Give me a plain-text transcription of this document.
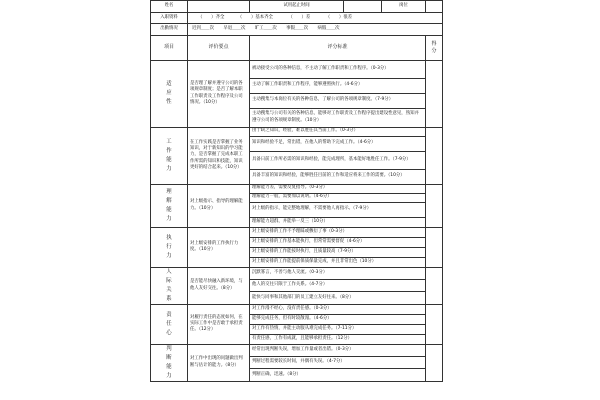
姓名		试用起止时间		岗位	
入职资料	（　　）齐全 （　　）基本齐全 （　　）差 （　　）很差				
出勤情况	迟到＿＿次 早退＿＿次 旷工＿＿次 事假＿＿次 病假＿＿次				
项目	评价要点	评分标准			得分
适
应
性	是否理了解并遵守公司的各项规章制度；是否了解本职工作职责及工作程序及公司情况。（10分）	被动接受公司的各种信息，不主动了解工作职责和工作程序。（0-3分）			
		主动了解工作职责和工作程序，能够遵照执行。（4-6分）			
		主动搜集与本岗位有关的各种信息，了解公司的各项规章制度。（7-9分）			
		主动搜集与公司有关的各种信息，能够对工作职责及工作程序提出建设性意见，熟知并遵守公司的各项规章制度。（10分）			
工
作
能
力	在工作实践是否掌握了业务知识，对于新知识的学习能力，是否掌握了完成本职工作所需的知识和技能，知识更好的结合起来。（10分）	由于缺乏知识，经验，难以胜任其当前工作。（0-3分）			
		知识和经验不足，常出错，在他人的帮助下完成工作。（4-6分）			
		具备日前工作所必需的知识和经验，能完成理所，基本能好地胜任工作。（7-9分）			
		具备丰富的知识和经验，能够胜任目前的工作和适应将来工作的需要。（10分）			
理
解
能
力	对上级指示、指导的理解能力。（10分）	理解能力差，需要反复指导。（0-3分）			
		理解能力一般，需要加以说明。（4-6分）			
		对上级的指示，能完整地理解，不需要他人再指示。（7-9分）			
		理解能力超群，并能举一反三（10分）			
执
行
力	对上级安排的工作执行力度。（10分）	对上级安排的工作不予理睬或敷衍了事（0-3分）			
		对上级安排的工作基本能执行，但常常需要督促（4-6分）			
		对上级安排的工作能按时执行，且质量较高（7-9分）			
		对上级安排的工作能提前保质保量完成，并且非常出色（10分）			
人
际
关
系	是否能尽快融入新环境，与他人友好交往。（8分）	沉默寡言，不善与他人交流。（0-3分）			
		他人的交往只限于工作关系。（4-7分）			
		能快与同事和其他部门的员工建立友好往来。（8分）			
责
任
心	对履行责任的态度如何，在实际工作中是否敢于承担责任。（12分）	对工作漫不经心，没有责任感。（0-3分）			
		能够完成任务，但有时较散漫。（4-6分）			
		对工作有热情，并能主动服从难完成任务。（7-11分）			
		有责任感，工作有成就，且能够承担责任。（12分）			
判
断
能
力	对工作中出现的问题做出判断与估计的能力。（8分）	经常出现判断失误，增加工作量或者出错。（0-3分）			
		判断过程需要较长时间，并偶有失误。（4-7分）			
		判断正确，迅速。（8分）			
